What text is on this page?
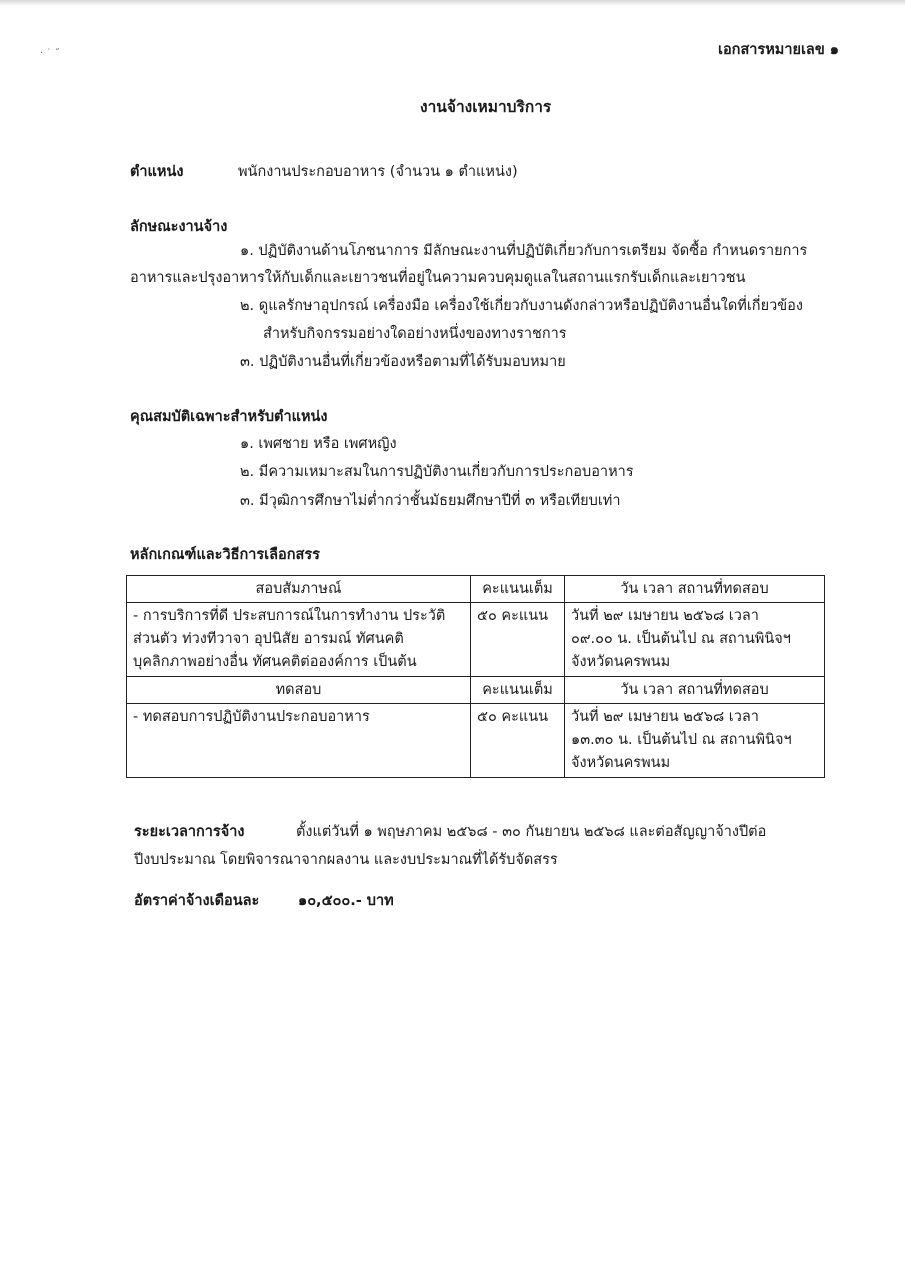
· ˙ ˝	เอกสารหมายเลข ๑
งานจ้างเหมาบริการ
ตำแหน่ง	พนักงานประกอบอาหาร (จำนวน ๑ ตำแหน่ง)
ลักษณะงานจ้าง
๑. ปฏิบัติงานด้านโภชนาการ มีลักษณะงานที่ปฏิบัติเกี่ยวกับการเตรียม จัดซื้อ กำหนดรายการ
อาหารและปรุงอาหารให้กับเด็กและเยาวชนที่อยู่ในความควบคุมดูแลในสถานแรกรับเด็กและเยาวชน
๒. ดูแลรักษาอุปกรณ์ เครื่องมือ เครื่องใช้เกี่ยวกับงานดังกล่าวหรือปฏิบัติงานอื่นใดที่เกี่ยวข้อง
สำหรับกิจกรรมอย่างใดอย่างหนึ่งของทางราชการ
๓. ปฏิบัติงานอื่นที่เกี่ยวข้องหรือตามที่ได้รับมอบหมาย
คุณสมบัติเฉพาะสำหรับตำแหน่ง
๑. เพศชาย หรือ เพศหญิง
๒. มีความเหมาะสมในการปฏิบัติงานเกี่ยวกับการประกอบอาหาร
๓. มีวุฒิการศึกษาไม่ต่ำกว่าชั้นมัธยมศึกษาปีที่ ๓ หรือเทียบเท่า
หลักเกณฑ์และวิธีการเลือกสรร
สอบสัมภาษณ์	คะแนนเต็ม	วัน เวลา สถานที่ทดสอบ

- การบริการที่ดี ประสบการณ์ในการทำงาน ประวัติ
ส่วนตัว ท่วงทีวาจา อุปนิสัย อารมณ์ ทัศนคติ
บุคลิกภาพอย่างอื่น ทัศนคติต่อองค์การ เป็นต้น	๕๐ คะแนน	วันที่ ๒๙ เมษายน ๒๕๖๘ เวลา
๐๙.๐๐ น. เป็นต้นไป ณ สถานพินิจฯ
จังหวัดนครพนม

ทดสอบ	คะแนนเต็ม	วัน เวลา สถานที่ทดสอบ
- ทดสอบการปฏิบัติงานประกอบอาหาร	๕๐ คะแนน	วันที่ ๒๙ เมษายน ๒๕๖๘ เวลา
๑๓.๓๐ น. เป็นต้นไป ณ สถานพินิจฯ
จังหวัดนครพนม
ระยะเวลาการจ้าง	ตั้งแต่วันที่ ๑ พฤษภาคม ๒๕๖๘ - ๓๐ กันยายน ๒๕๖๘ และต่อสัญญาจ้างปีต่อ
ปีงบประมาณ โดยพิจารณาจากผลงาน และงบประมาณที่ได้รับจัดสรร
อัตราค่าจ้างเดือนละ	๑๐,๕๐๐.- บาท
